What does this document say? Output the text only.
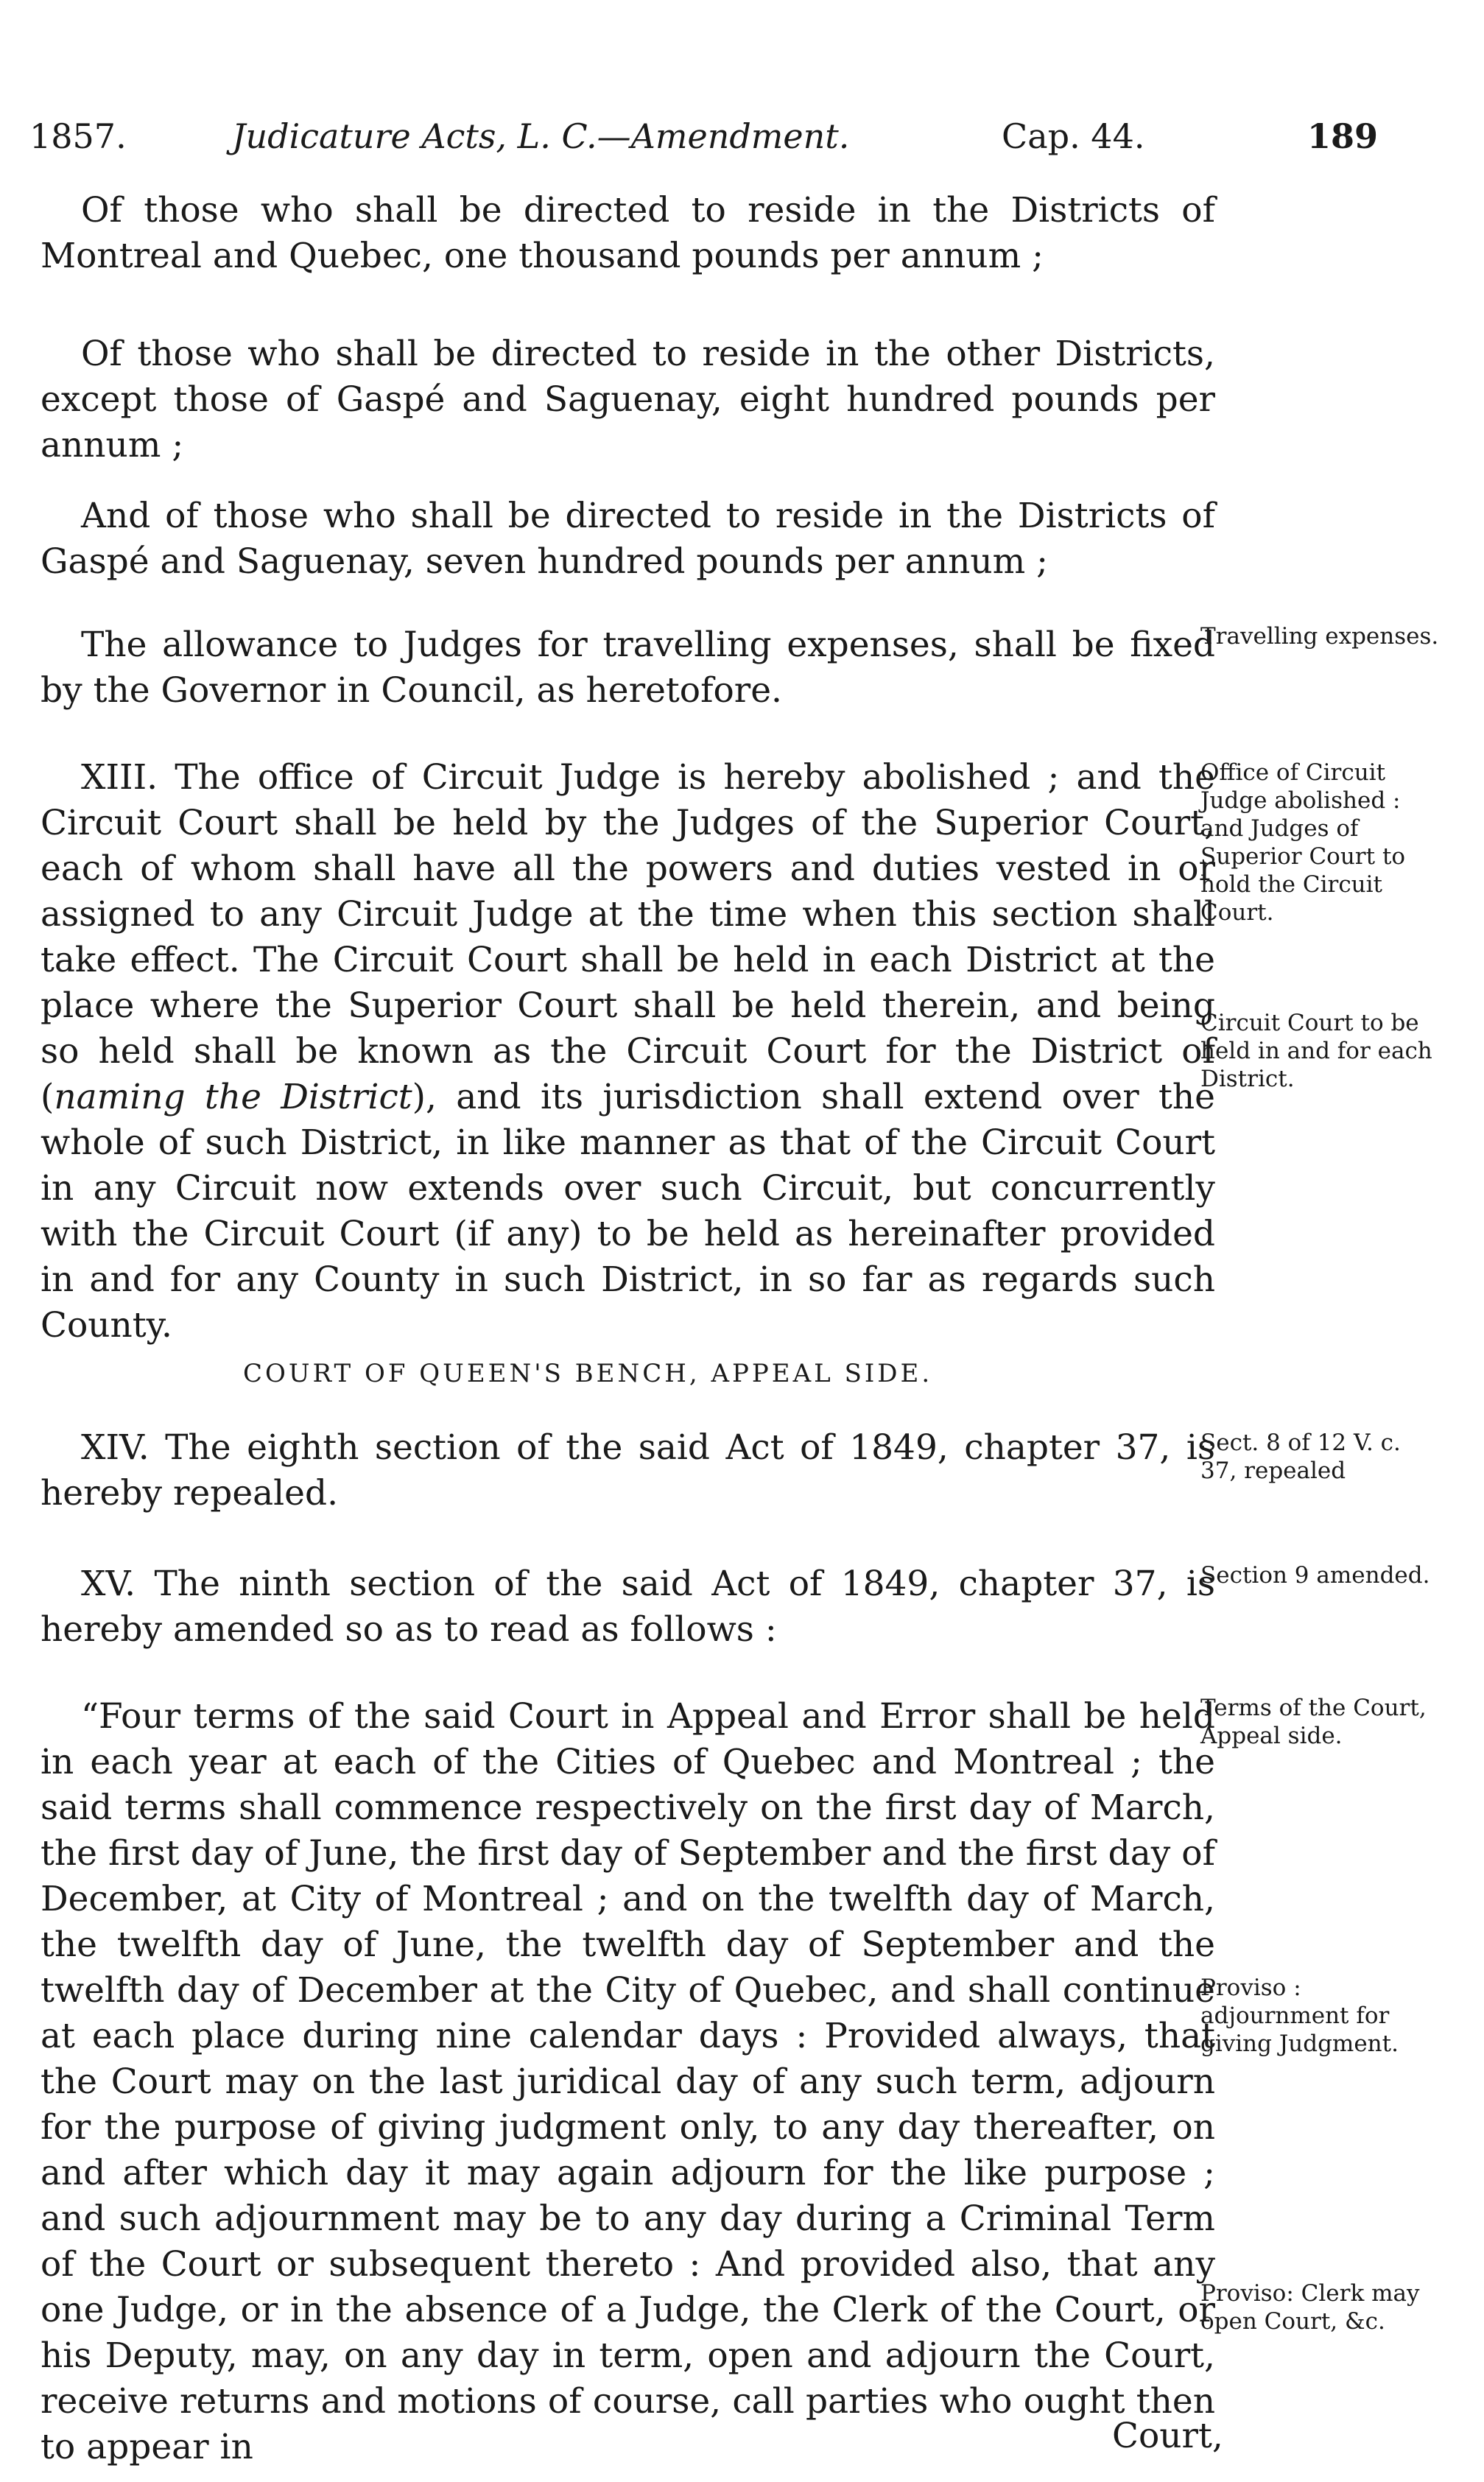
1857.	Judicature Acts, L. C.—Amendment.	Cap. 44.	189

Of those who shall be directed to reside in the Districts of Montreal and Quebec, one thousand pounds per annum ;

Of those who shall be directed to reside in the other Districts, except those of Gaspé and Saguenay, eight hundred pounds per annum ;

And of those who shall be directed to reside in the Districts of Gaspé and Saguenay, seven hundred pounds per annum ;

The allowance to Judges for travelling expenses, shall be fixed by the Governor in Council, as heretofore.

XIII. The office of Circuit Judge is hereby abolished ; and the Circuit Court shall be held by the Judges of the Superior Court, each of whom shall have all the powers and duties vested in or assigned to any Circuit Judge at the time when this section shall take effect. The Circuit Court shall be held in each District at the place where the Superior Court shall be held therein, and being so held shall be known as the Circuit Court for the District of (naming the District), and its jurisdiction shall extend over the whole of such District, in like manner as that of the Circuit Court in any Circuit now extends over such Circuit, but concurrently with the Circuit Court (if any) to be held as hereinafter provided in and for any County in such District, in so far as regards such County.

COURT OF QUEEN'S BENCH, APPEAL SIDE.

XIV. The eighth section of the said Act of 1849, chapter 37, is hereby repealed.

XV. The ninth section of the said Act of 1849, chapter 37, is hereby amended so as to read as follows :

“Four terms of the said Court in Appeal and Error shall be held in each year at each of the Cities of Quebec and Montreal ; the said terms shall commence respectively on the first day of March, the first day of June, the first day of September and the first day of December, at City of Montreal ; and on the twelfth day of March, the twelfth day of June, the twelfth day of September and the twelfth day of December at the City of Quebec, and shall continue at each place during nine calendar days : Provided always, that the Court may on the last juridical day of any such term, adjourn for the purpose of giving judgment only, to any day thereafter, on and after which day it may again adjourn for the like purpose ; and such adjournment may be to any day during a Criminal Term of the Court or subsequent thereto : And provided also, that any one Judge, or in the absence of a Judge, the Clerk of the Court, or his Deputy, may, on any day in term, open and adjourn the Court, receive returns and motions of course, call parties who ought then to appear in	Court,
Travelling expenses.
Office of Circuit Judge abolished : and Judges of Superior Court to hold the Circuit Court.
Circuit Court to be held in and for each District.
Sect. 8 of 12 V. c. 37, repealed
Section 9 amended.
Terms of the Court, Appeal side.
Proviso : adjournment for giving Judgment.
Proviso: Clerk may open Court, &c.
